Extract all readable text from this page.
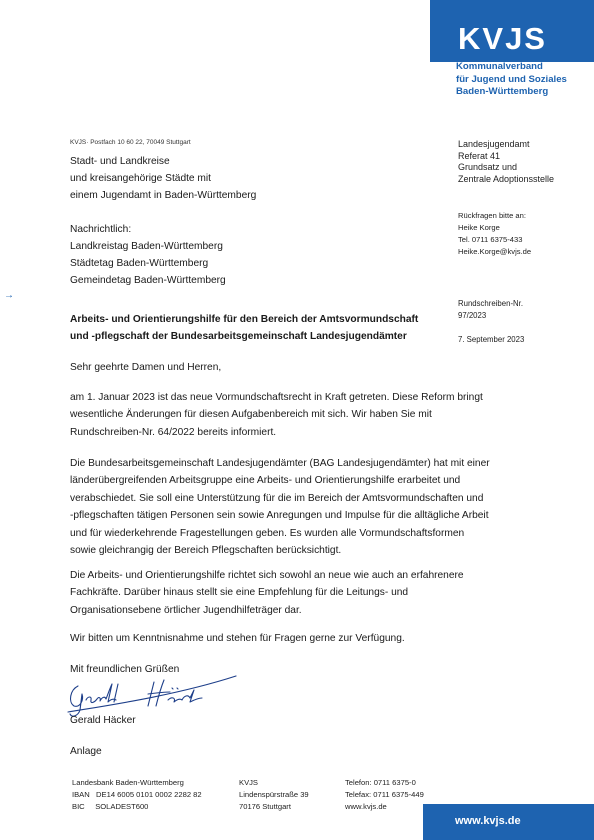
KVJS
Kommunalverband
für Jugend und Soziales
Baden-Württemberg
KVJS· Postfach 10 60 22, 70049 Stuttgart
Stadt- und Landkreise
und kreisangehörige Städte mit
einem Jugendamt in Baden-Württemberg
Nachrichtlich:
Landkreistag Baden-Württemberg
Städtetag Baden-Württemberg
Gemeindetag Baden-Württemberg
Landesjugendamt
Referat 41
Grundsatz und
Zentrale Adoptionsstelle
Rückfragen bitte an:
Heike Korge
Tel. 0711 6375-433
Heike.Korge@kvjs.de
Rundschreiben-Nr.
97/2023
7. September 2023
→
Arbeits- und Orientierungshilfe für den Bereich der Amtsvormundschaft
und -pflegschaft der Bundesarbeitsgemeinschaft Landesjugendämter
Sehr geehrte Damen und Herren,
am 1. Januar 2023 ist das neue Vormundschaftsrecht in Kraft getreten. Diese Reform bringt
wesentliche Änderungen für diesen Aufgabenbereich mit sich. Wir haben Sie mit
Rundschreiben-Nr. 64/2022 bereits informiert.
Die Bundesarbeitsgemeinschaft Landesjugendämter (BAG Landesjugendämter) hat mit einer
länderübergreifenden Arbeitsgruppe eine Arbeits- und Orientierungshilfe erarbeitet und
verabschiedet. Sie soll eine Unterstützung für die im Bereich der Amtsvormundschaften und
-pflegschaften tätigen Personen sein sowie Anregungen und Impulse für die alltägliche Arbeit
und für wiederkehrende Fragestellungen geben. Es wurden alle Vormundschaftsformen
sowie gleichrangig der Bereich Pflegschaften berücksichtigt.
Die Arbeits- und Orientierungshilfe richtet sich sowohl an neue wie auch an erfahrenere
Fachkräfte. Darüber hinaus stellt sie eine Empfehlung für die Leitungs- und
Organisationsebene örtlicher Jugendhilfeträger dar.
Wir bitten um Kenntnisnahme und stehen für Fragen gerne zur Verfügung.
Mit freundlichen Grüßen
Gerald Häcker
Anlage
Landesbank Baden-Württemberg
IBAN   DE14 6005 0101 0002 2282 82
BIC     SOLADEST600
KVJS
Lindenspürstraße 39
70176 Stuttgart
Telefon: 0711 6375-0
Telefax: 0711 6375-449
www.kvjs.de
www.kvjs.de
